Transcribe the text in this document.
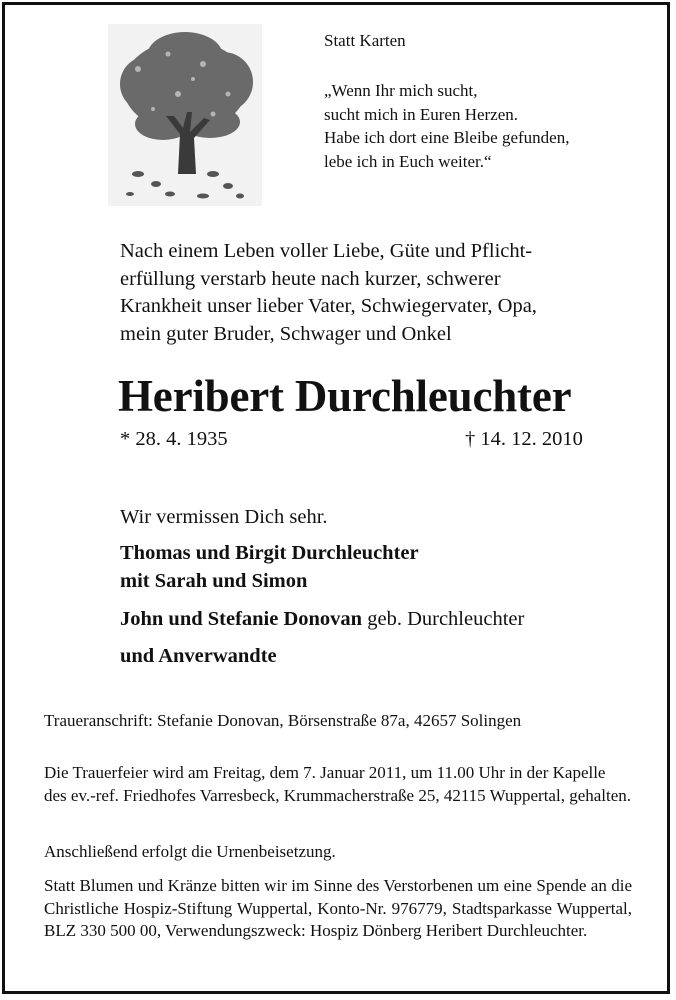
Statt Karten
„Wenn Ihr mich sucht,
sucht mich in Euren Herzen.
Habe ich dort eine Bleibe gefunden,
lebe ich in Euch weiter.“
Nach einem Leben voller Liebe, Güte und Pflicht-
erfüllung verstarb heute nach kurzer, schwerer
Krankheit unser lieber Vater, Schwiegervater, Opa,
mein guter Bruder, Schwager und Onkel
Heribert Durchleuchter
* 28. 4. 1935	† 14. 12. 2010
Wir vermissen Dich sehr.
Thomas und Birgit Durchleuchter
mit Sarah und Simon
John und Stefanie Donovan geb. Durchleuchter
und Anverwandte
Traueranschrift: Stefanie Donovan, Börsenstraße 87a, 42657 Solingen
Die Trauerfeier wird am Freitag, dem 7. Januar 2011, um 11.00 Uhr in der Kapelle des ev.-ref. Friedhofes Varresbeck, Krummacherstraße 25, 42115 Wuppertal, gehalten.
Anschließend erfolgt die Urnenbeisetzung.
Statt Blumen und Kränze bitten wir im Sinne des Verstorbenen um eine Spende an die Christliche Hospiz-Stiftung Wuppertal, Konto-Nr. 976779, Stadtsparkasse Wuppertal, BLZ 330 500 00, Verwendungszweck: Hospiz Dönberg Heribert Durchleuchter.
